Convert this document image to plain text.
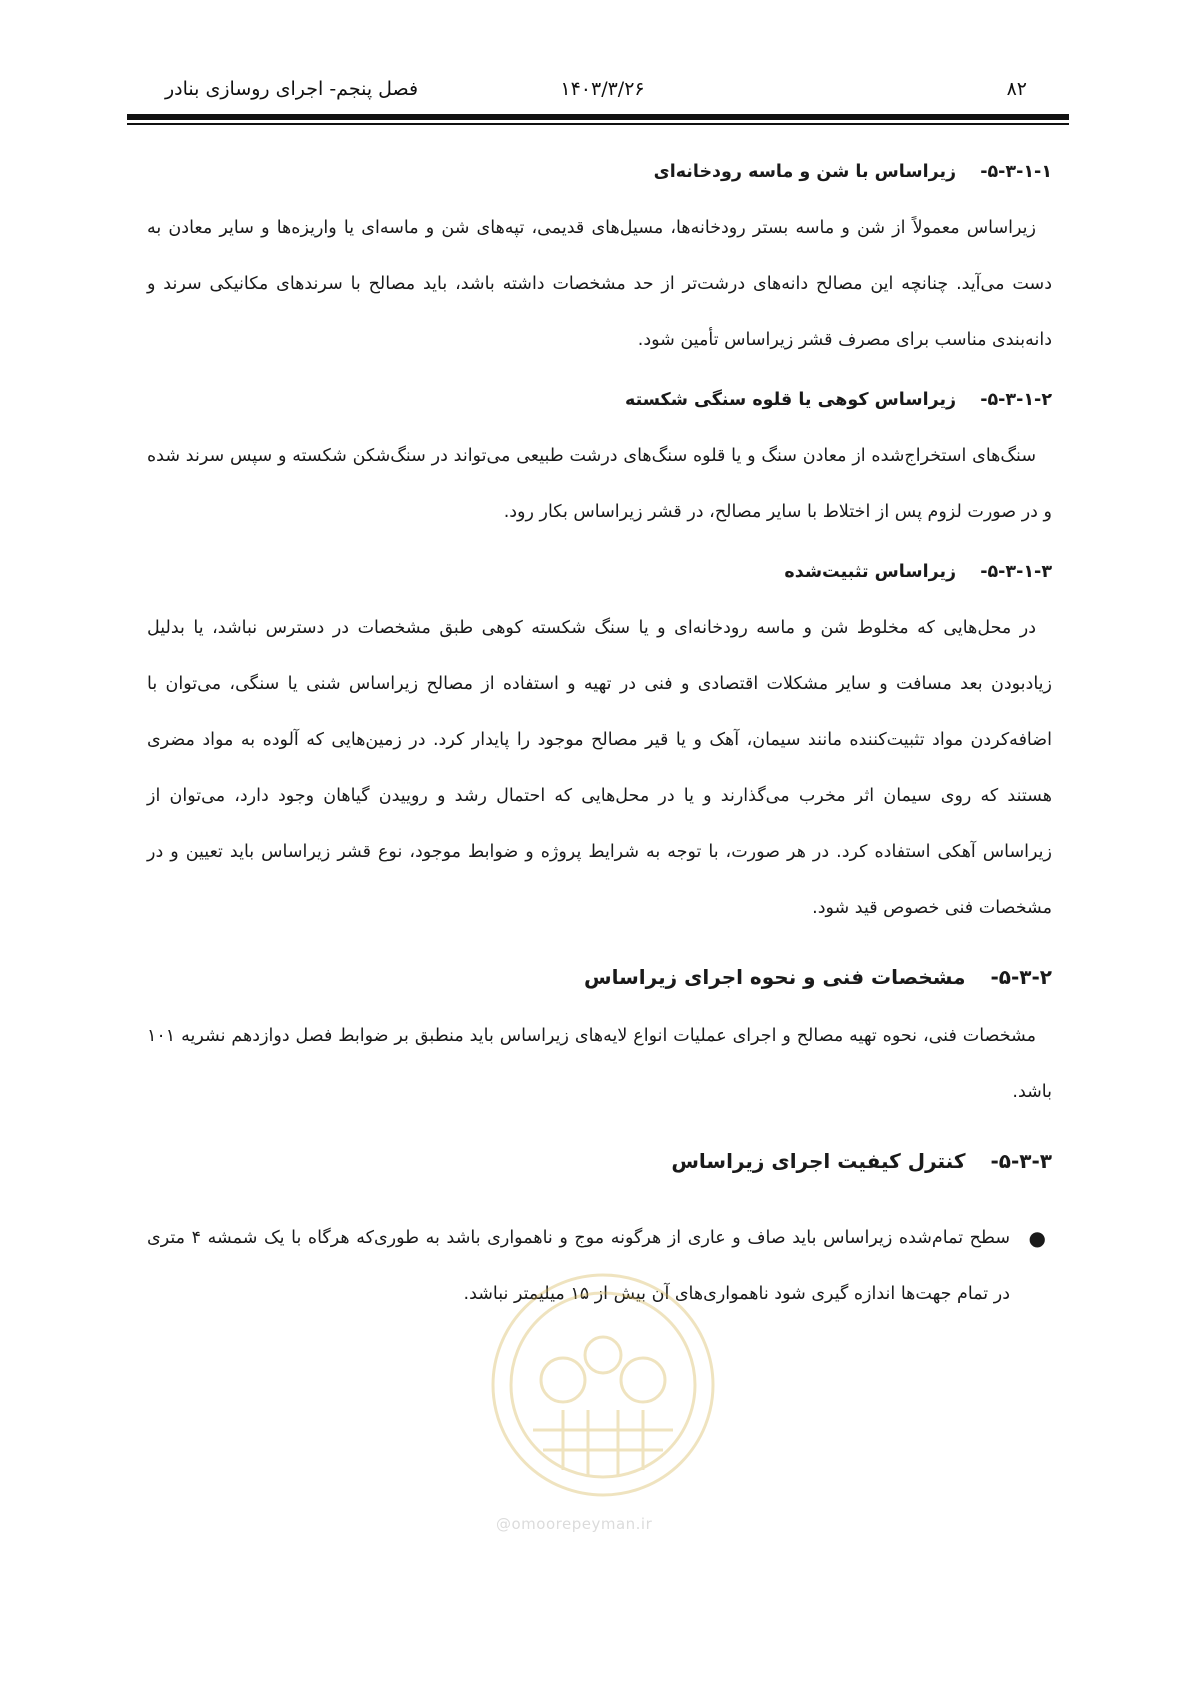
۸۲
۱۴۰۳/۳/۲۶
فصل پنجم- اجرای روسازی بنادر
۵-۳-۱-۱- زیراساس با شن و ماسه رودخانه‌ای

زیراساس معمولاً از شن و ماسه بستر رودخانه‌ها، مسیل‌های قدیمی، تپه‌های شن و ماسه‌ای یا واریزه‌ها و سایر معادن به دست می‌آید. چنانچه این مصالح دانه‌های درشت‌تر از حد مشخصات داشته باشد، باید مصالح با سرندهای مکانیکی سرند و دانه‌بندی مناسب برای مصرف قشر زیراساس تأمین شود.

۵-۳-۱-۲- زیراساس کوهی یا قلوه سنگی شکسته

سنگ‌های استخراج‌شده از معادن سنگ و یا قلوه سنگ‌های درشت طبیعی می‌تواند در سنگ‌شکن شکسته و سپس سرند شده و در صورت لزوم پس از اختلاط با سایر مصالح، در قشر زیراساس بکار رود.

۵-۳-۱-۳- زیراساس تثبیت‌شده

در محل‌هایی که مخلوط شن و ماسه رودخانه‌ای و یا سنگ شکسته کوهی طبق مشخصات در دسترس نباشد، یا بدلیل زیادبودن بعد مسافت و سایر مشکلات اقتصادی و فنی در تهیه و استفاده از مصالح زیراساس شنی یا سنگی، می‌توان با اضافه‌کردن مواد تثبیت‌کننده مانند سیمان، آهک و یا قیر مصالح موجود را پایدار کرد. در زمین‌هایی که آلوده به مواد مضری هستند که روی سیمان اثر مخرب می‌گذارند و یا در محل‌هایی که احتمال رشد و روییدن گیاهان وجود دارد، می‌توان از زیراساس آهکی استفاده کرد. در هر صورت، با توجه به شرایط پروژه و ضوابط موجود، نوع قشر زیراساس باید تعیین و در مشخصات فنی خصوص قید شود.

۵-۳-۲- مشخصات فنی و نحوه اجرای زیراساس

مشخصات فنی، نحوه تهیه مصالح و اجرای عملیات انواع لایه‌های زیراساس باید منطبق بر ضوابط فصل دوازدهم نشریه ۱۰۱ باشد.

۵-۳-۳- کنترل کیفیت اجرای زیراساس
●
سطح تمام‌شده زیراساس باید صاف و عاری از هرگونه موج و ناهمواری باشد به طوری‌که هرگاه با یک شمشه ۴ متری در تمام جهت‌ها اندازه گیری شود ناهمواری‌های آن بیش از ۱۵ میلیمتر نباشد.
@omoorepeyman.ir
